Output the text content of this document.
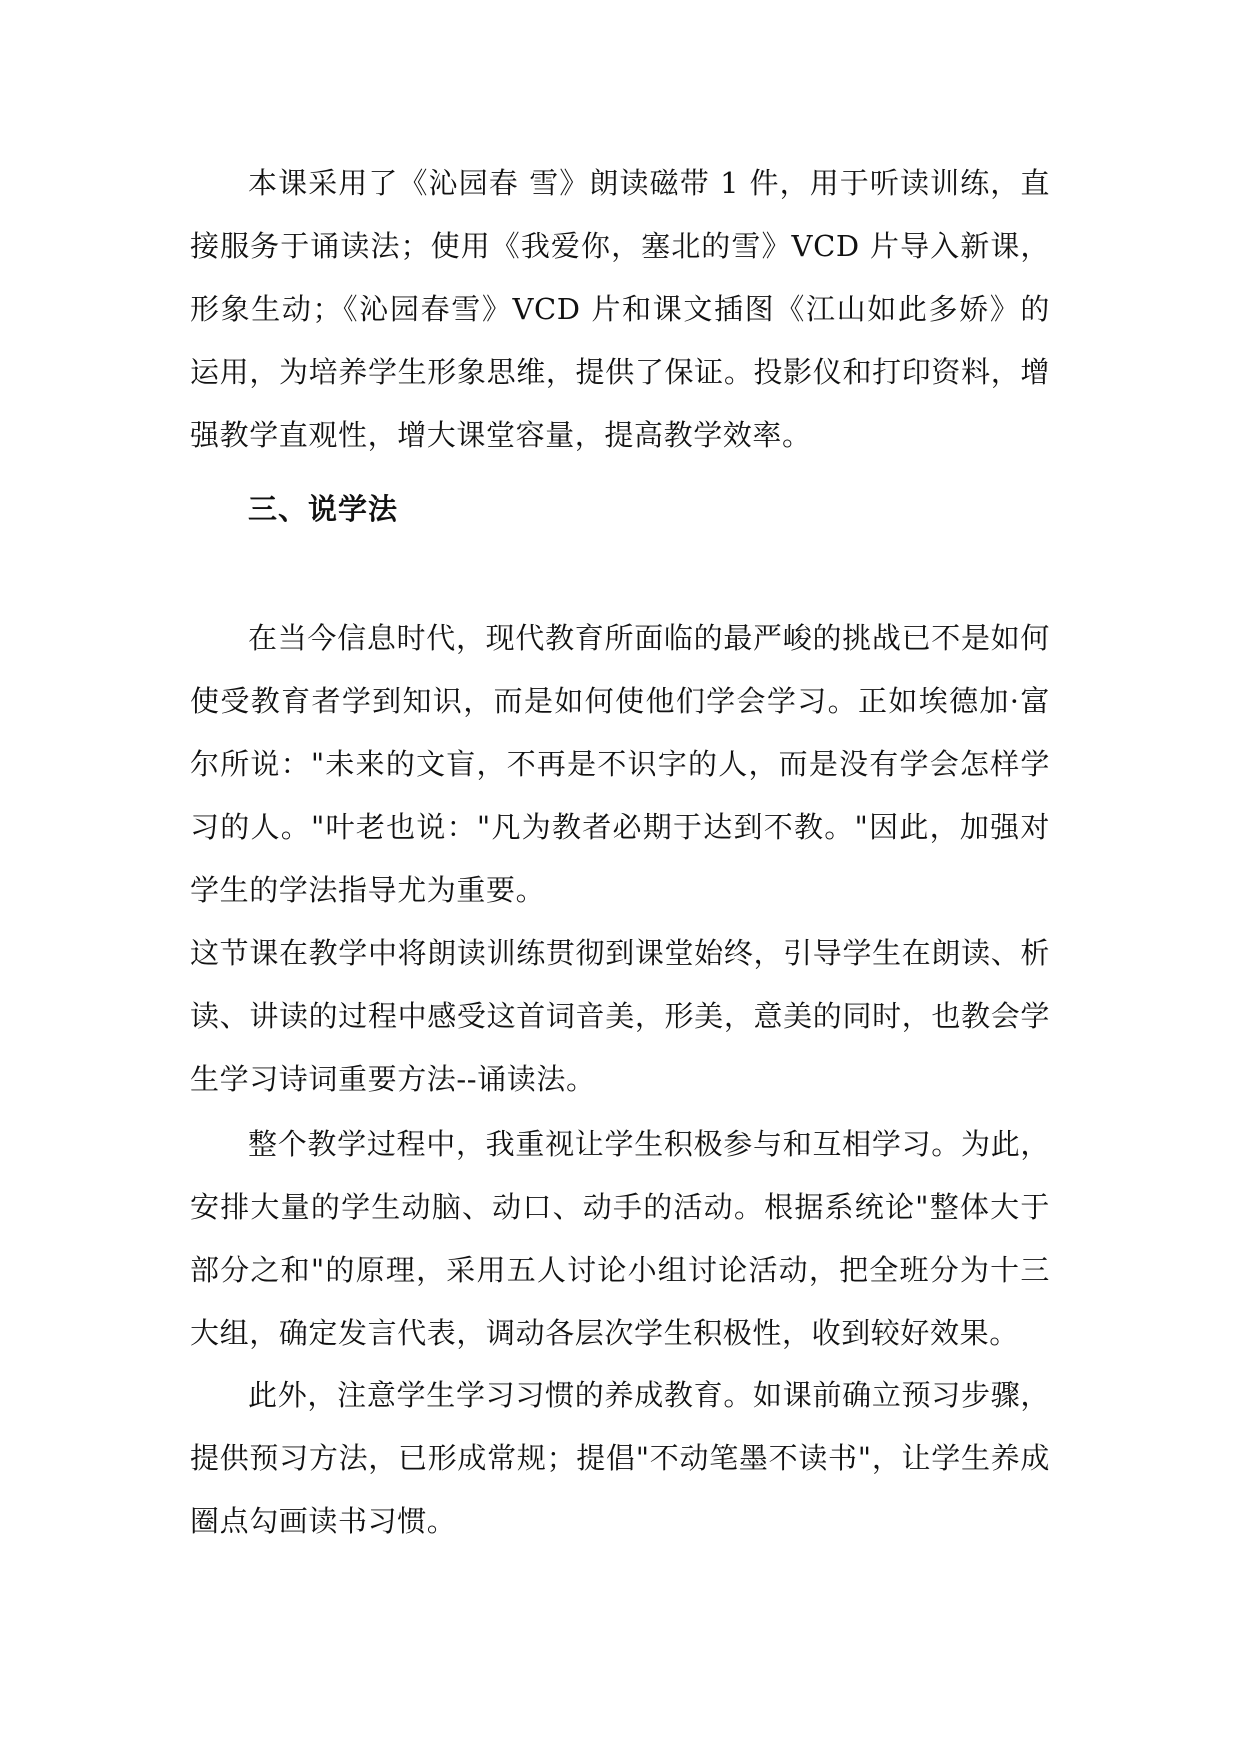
本课采用了《沁园春 雪》朗读磁带 1 件，用于听读训练，直接服务于诵读法；使用《我爱你，塞北的雪》VCD 片导入新课，形象生动；《沁园春雪》VCD 片和课文插图《江山如此多娇》的运用，为培养学生形象思维，提供了保证。投影仪和打印资料，增强教学直观性，增大课堂容量，提高教学效率。

三、说学法

在当今信息时代，现代教育所面临的最严峻的挑战已不是如何使受教育者学到知识，而是如何使他们学会学习。正如埃德加·富尔所说："未来的文盲，不再是不识字的人，而是没有学会怎样学习的人。"叶老也说："凡为教者必期于达到不教。"因此，加强对学生的学法指导尤为重要。

这节课在教学中将朗读训练贯彻到课堂始终，引导学生在朗读、析读、讲读的过程中感受这首词音美，形美，意美的同时，也教会学生学习诗词重要方法--诵读法。

整个教学过程中，我重视让学生积极参与和互相学习。为此，安排大量的学生动脑、动口、动手的活动。根据系统论"整体大于部分之和"的原理，采用五人讨论小组讨论活动，把全班分为十三大组，确定发言代表，调动各层次学生积极性，收到较好效果。

此外，注意学生学习习惯的养成教育。如课前确立预习步骤，提供预习方法，已形成常规；提倡"不动笔墨不读书"，让学生养成圈点勾画读书习惯。
